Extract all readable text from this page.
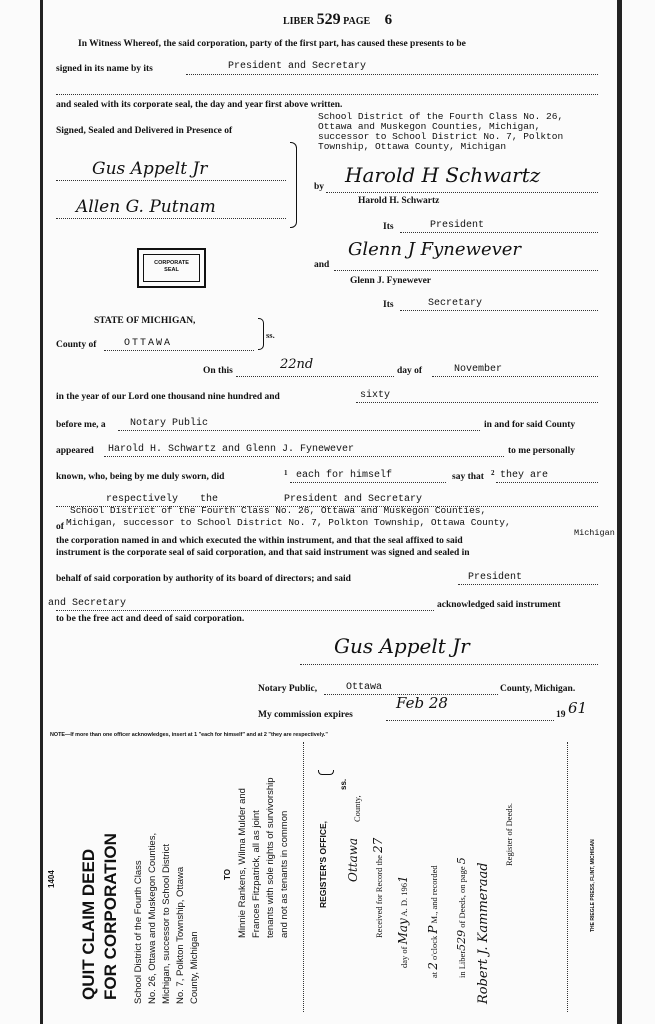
LIBER 529 PAGE 6
In Witness Whereof, the said corporation, party of the first part, has caused these presents to be
signed in its name by its	President and Secretary
and sealed with its corporate seal, the day and year first above written.
School District of the Fourth Class No. 26,
Ottawa and Muskegon Counties, Michigan,
successor to School District No. 7, Polkton
Township, Ottawa County, Michigan
Signed, Sealed and Delivered in Presence of
Gus Appelt Jr
Allen G. Putnam
by Harold H Schwartz
Harold H. Schwartz
Its	President
CORPORATE
SEAL	and
Glenn J Fynewever
Glenn J. Fynewever
Its	Secretary
STATE OF MICHIGAN,
ss.
County of	OTTAWA
On this	22nd	day of	November
in the year of our Lord one thousand nine hundred and	sixty
before me, a Notary Public	in and for said County
appeared Harold H. Schwartz and Glenn J. Fynewever	to me personally
known, who, being by me duly sworn, did	1 each for himself	say that 2 they are
respectively the	President and Secretary
School District of the Fourth Class No. 26, Ottawa and Muskegon Counties,
of Michigan, successor to School District No. 7, Polkton Township, Ottawa County,
Michigan
the corporation named in and which executed the within instrument, and that the seal affixed to said
instrument is the corporate seal of said corporation, and that said instrument was signed and sealed in
behalf of said corporation by authority of its board of directors; and said	President
and Secretary	acknowledged said instrument
to be the free act and deed of said corporation.
Gus Appelt Jr
Notary Public,	Ottawa	County, Michigan.
My commission expires
Feb 28
19 61
NOTE—If more than one officer acknowledges, insert at 1 "each for himself" and at 2 "they are respectively."
1404 QUIT CLAIM DEED FOR CORPORATION School District of the Fourth Class No. 26, Ottawa and Muskegon Counties, Michigan, successor to School District No. 7, Polkton Township, Ottawa County, Michigan
TO Minnie Rankens, Wilma Mulder and Frances Fitzpatrick, all as joint tenants with sole rights of survivorship and not as tenants in common	REGISTER'S OFFICE,
ss.
Ottawa
County,
Received for Record the 27
day of May A. D. 1961
at 2 o'clock P M., and recorded
in Liber529 of Deeds, on page 5
Robert J. Kammeraad
Register of Deeds.
THE RIEGLE PRESS, FLINT, MICHIGAN
